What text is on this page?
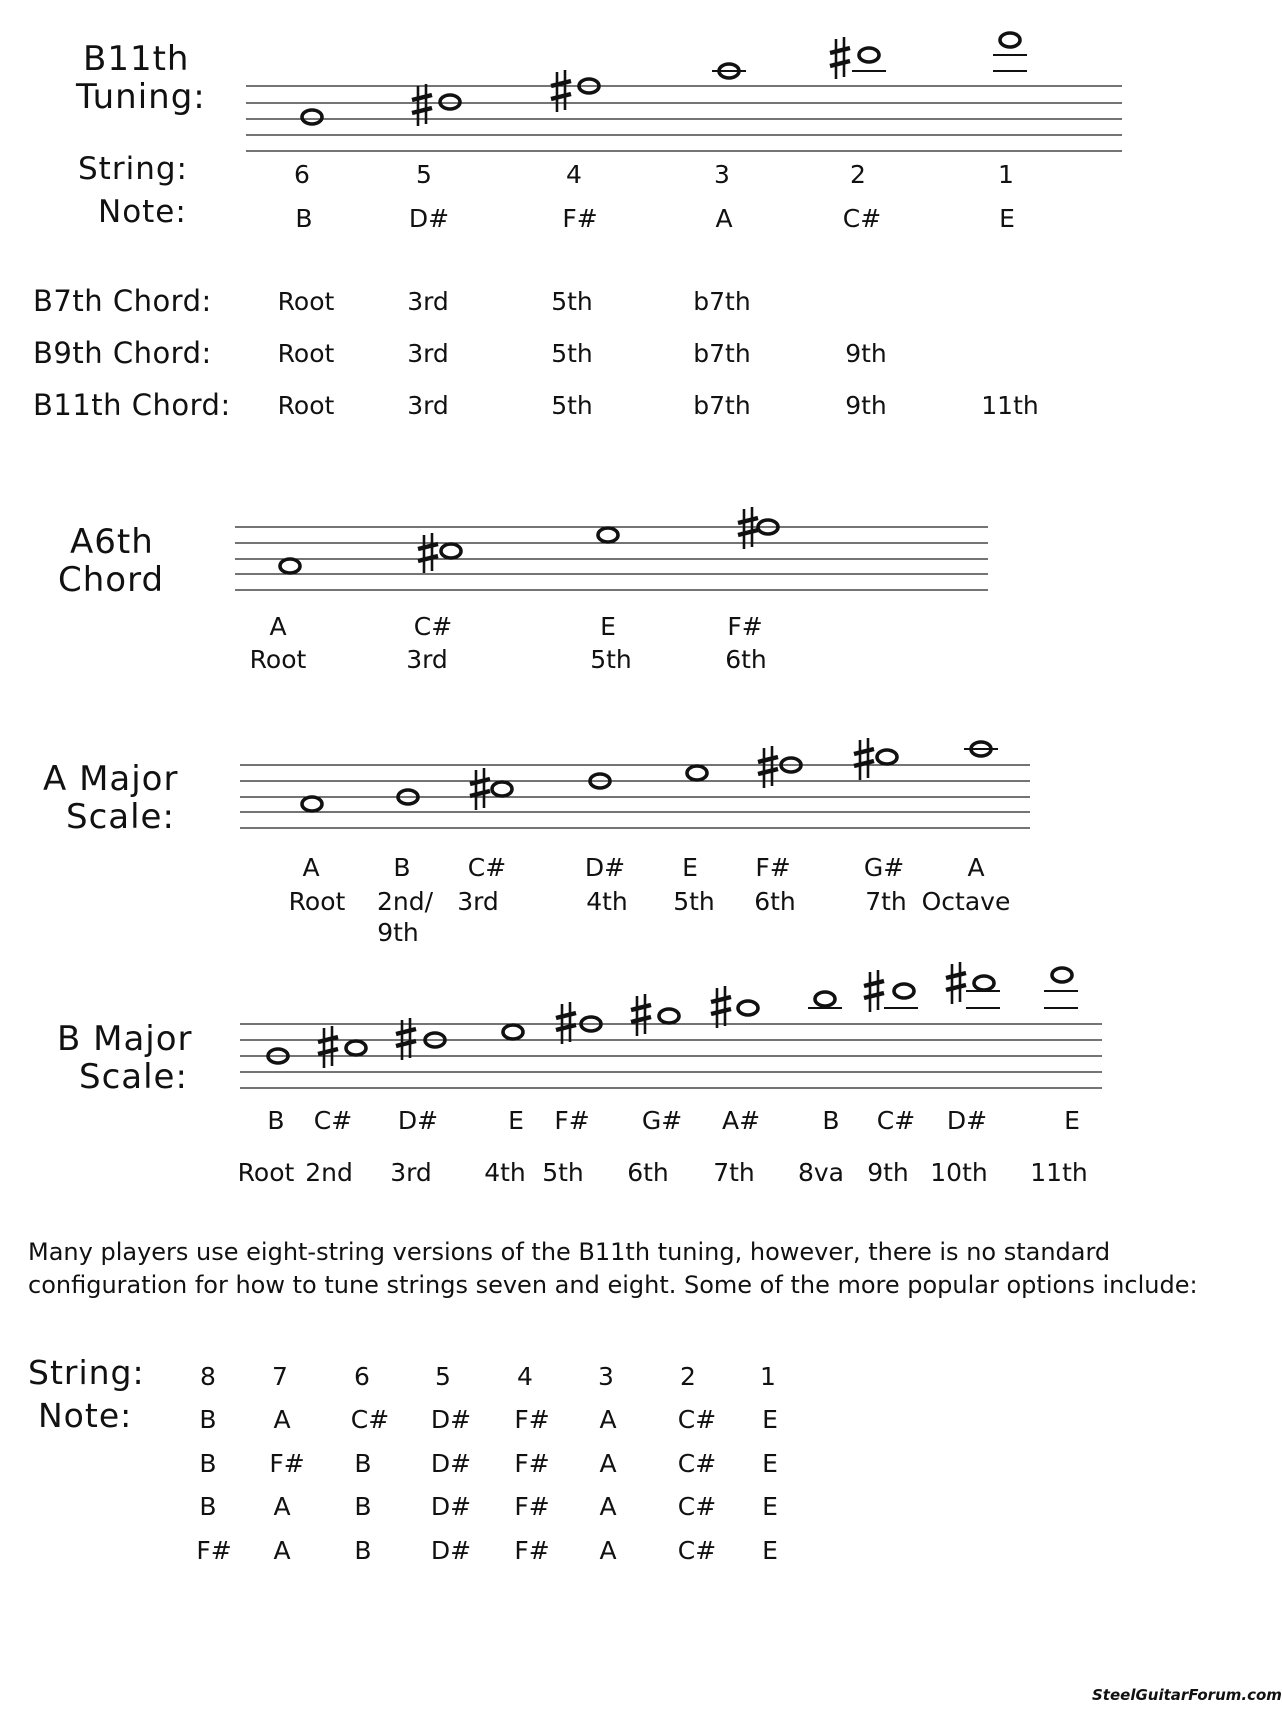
B11th
Tuning:
String:
Note:
6	5	4	3	2	1
B	D#	F#	A	C#	E
B7th Chord:	Root	3rd	5th	b7th
B9th Chord:	Root	3rd	5th	b7th	9th
B11th Chord:	Root	3rd	5th	b7th	9th	11th
A6th
Chord
A	C#	E	F#
Root	3rd	5th	6th
A Major
Scale:
A	B	C#	D#	E	F#	G#	A
Root	2nd/
9th
3rd	4th	5th	6th	7th Octave
B Major
Scale:
B	C#	D#	E	F#	G#	A#	B	C#	D#	E
Root 2nd	3rd	4th 5th	6th	7th	8va 9th 10th	11th
Many players use eight-string versions of the B11th tuning, however, there is no standard
configuration for how to tune strings seven and eight. Some of the more popular options include:
String:
Note:
8	7	6	5	4	3	2	1
B	A	C#	D#	F#	A	C#	E
B	F#	B	D#	F#	A	C#	E
B	A	B	D#	F#	A	C#	E
F#	A	B	D#	F#	A	C#	E
SteelGuitarForum.com
